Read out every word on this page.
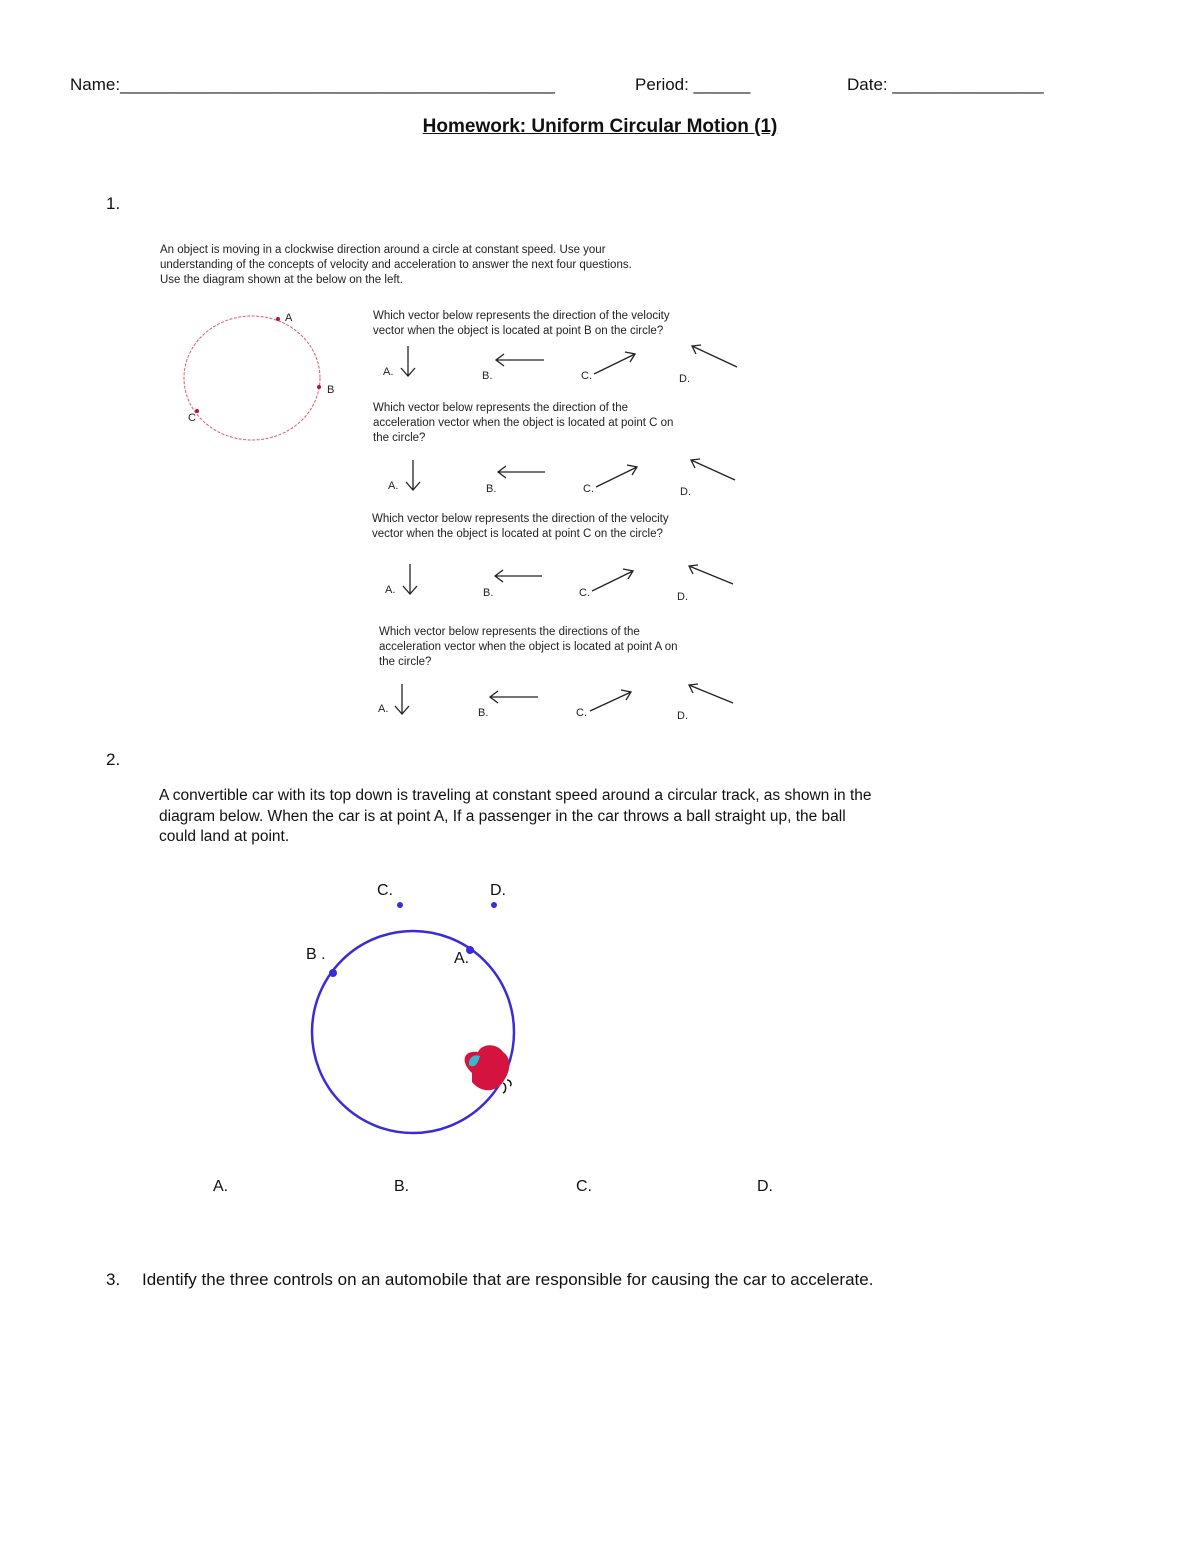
Name:______________________________________________	Period: ______	Date: ________________
Homework: Uniform Circular Motion (1)
1.
An object is moving in a clockwise direction around a circle at constant speed. Use your
understanding of the concepts of velocity and acceleration to answer the next four questions.
Use the diagram shown at the below on the left.
A
B
C
Which vector below represents the direction of the velocity
vector when the object is located at point B on the circle?
A.	B.	C.	D.
Which vector below represents the direction of the
acceleration vector when the object is located at point C on
the circle?
A.	B.	C.	D.
Which vector below represents the direction of the velocity
vector when the object is located at point C on the circle?
A.	B.	C.	D.
Which vector below represents the directions of the
acceleration vector when the object is located at point A on
the circle?
A.	B.	C.	D.
2.
A convertible car with its top down is traveling at constant speed around a circular track, as shown in the diagram below. When the car is at point A, If a passenger in the car throws a ball straight up, the ball could land at point.
C.	D.
B .	A.
A.	B.	C.	D.
3. Identify the three controls on an automobile that are responsible for causing the car to accelerate.
